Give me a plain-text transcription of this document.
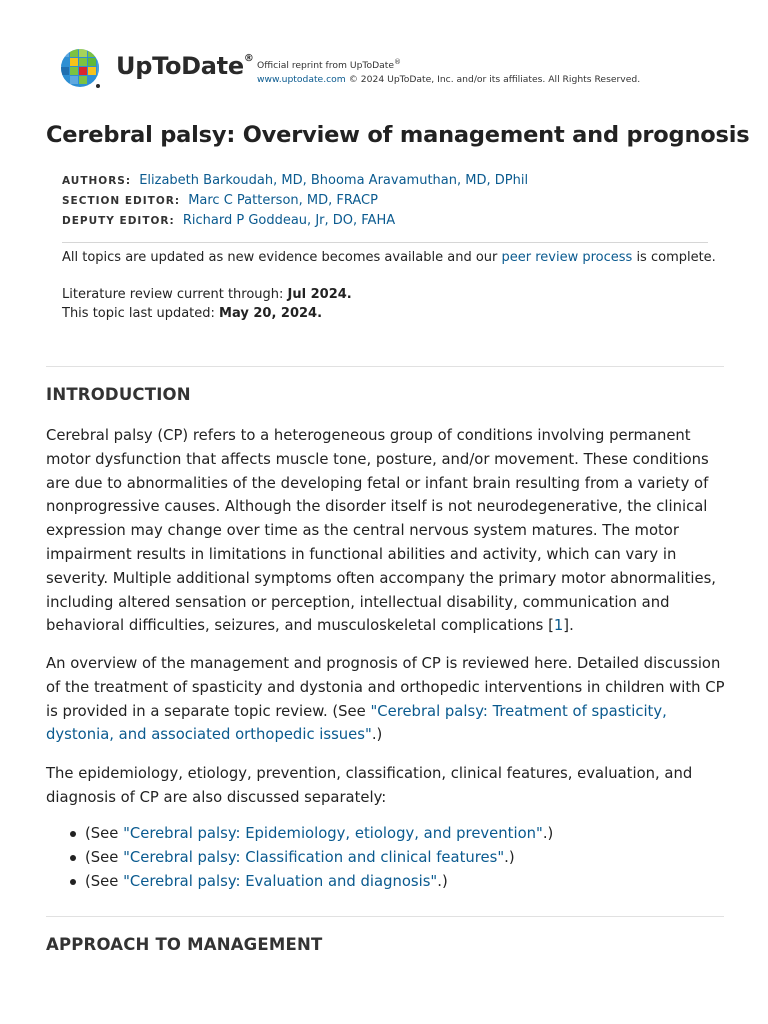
UpToDate®
Official reprint from UpToDate®
www.uptodate.com © 2024 UpToDate, Inc. and/or its affiliates. All Rights Reserved.
Cerebral palsy: Overview of management and prognosis
AUTHORS: Elizabeth Barkoudah, MD, Bhooma Aravamuthan, MD, DPhil
SECTION EDITOR: Marc C Patterson, MD, FRACP
DEPUTY EDITOR: Richard P Goddeau, Jr, DO, FAHA
All topics are updated as new evidence becomes available and our peer review process is complete.
Literature review current through: Jul 2024.
This topic last updated: May 20, 2024.
INTRODUCTION

Cerebral palsy (CP) refers to a heterogeneous group of conditions involving permanent motor dysfunction that affects muscle tone, posture, and/or movement. These conditions are due to abnormalities of the developing fetal or infant brain resulting from a variety of nonprogressive causes. Although the disorder itself is not neurodegenerative, the clinical expression may change over time as the central nervous system matures. The motor impairment results in limitations in functional abilities and activity, which can vary in severity. Multiple additional symptoms often accompany the primary motor abnormalities, including altered sensation or perception, intellectual disability, communication and behavioral difficulties, seizures, and musculoskeletal complications [1].

An overview of the management and prognosis of CP is reviewed here. Detailed discussion of the treatment of spasticity and dystonia and orthopedic interventions in children with CP is provided in a separate topic review. (See "Cerebral palsy: Treatment of spasticity, dystonia, and associated orthopedic issues".)

The epidemiology, etiology, prevention, classification, clinical features, evaluation, and diagnosis of CP are also discussed separately:

(See "Cerebral palsy: Epidemiology, etiology, and prevention".)
(See "Cerebral palsy: Classification and clinical features".)
(See "Cerebral palsy: Evaluation and diagnosis".)
APPROACH TO MANAGEMENT
